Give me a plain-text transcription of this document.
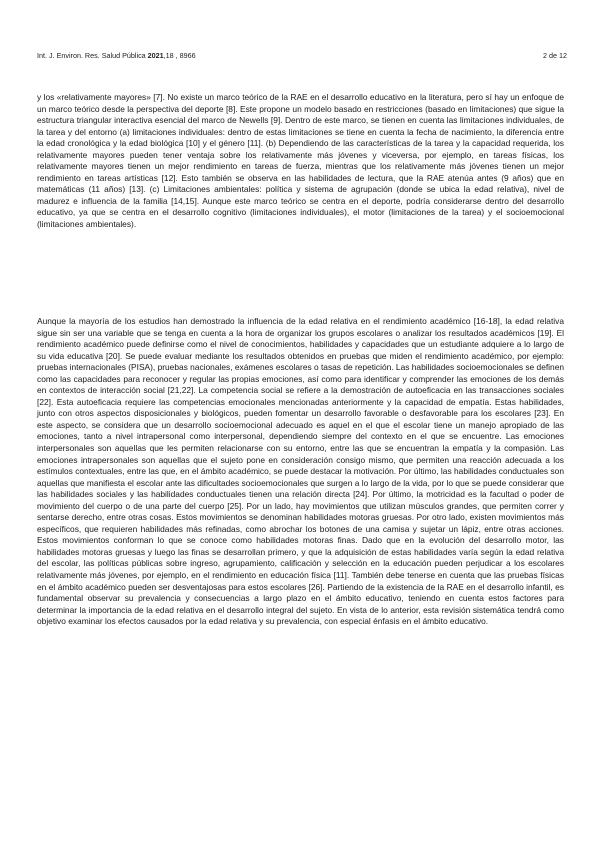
Int. J. Environ. Res. Salud Pública 2021,18 , 8966	2 de 12

y los «relativamente mayores» [7]. No existe un marco teórico de la RAE en el desarrollo educativo en la literatura, pero sí hay un enfoque de un marco teórico desde la perspectiva del deporte [8]. Este propone un modelo basado en restricciones (basado en limitaciones) que sigue la estructura triangular interactiva esencial del marco de Newells [9]. Dentro de este marco, se tienen en cuenta las limitaciones individuales, de la tarea y del entorno (a) limitaciones individuales: dentro de estas limitaciones se tiene en cuenta la fecha de nacimiento, la diferencia entre la edad cronológica y la edad biológica [10] y el género [11]. (b) Dependiendo de las características de la tarea y la capacidad requerida, los relativamente mayores pueden tener ventaja sobre los relativamente más jóvenes y viceversa, por ejemplo, en tareas físicas, los relativamente mayores tienen un mejor rendimiento en tareas de fuerza, mientras que los relativamente más jóvenes tienen un mejor rendimiento en tareas artísticas [12]. Esto también se observa en las habilidades de lectura, que la RAE atenúa antes (9 años) que en matemáticas (11 años) [13]. (c) Limitaciones ambientales: política y sistema de agrupación (donde se ubica la edad relativa), nivel de madurez e influencia de la familia [14,15]. Aunque este marco teórico se centra en el deporte, podría considerarse dentro del desarrollo educativo, ya que se centra en el desarrollo cognitivo (limitaciones individuales), el motor (limitaciones de la tarea) y el socioemocional (limitaciones ambientales).

Aunque la mayoría de los estudios han demostrado la influencia de la edad relativa en el rendimiento académico [16-18], la edad relativa sigue sin ser una variable que se tenga en cuenta a la hora de organizar los grupos escolares o analizar los resultados académicos [19]. El rendimiento académico puede definirse como el nivel de conocimientos, habilidades y capacidades que un estudiante adquiere a lo largo de su vida educativa [20]. Se puede evaluar mediante los resultados obtenidos en pruebas que miden el rendimiento académico, por ejemplo: pruebas internacionales (PISA), pruebas nacionales, exámenes escolares o tasas de repetición. Las habilidades socioemocionales se definen como las capacidades para reconocer y regular las propias emociones, así como para identificar y comprender las emociones de los demás en contextos de interacción social [21,22]. La competencia social se refiere a la demostración de autoeficacia en las transacciones sociales [22]. Esta autoeficacia requiere las competencias emocionales mencionadas anteriormente y la capacidad de empatía. Estas habilidades, junto con otros aspectos disposicionales y biológicos, pueden fomentar un desarrollo favorable o desfavorable para los escolares [23]. En este aspecto, se considera que un desarrollo socioemocional adecuado es aquel en el que el escolar tiene un manejo apropiado de las emociones, tanto a nivel intrapersonal como interpersonal, dependiendo siempre del contexto en el que se encuentre. Las emociones interpersonales son aquellas que les permiten relacionarse con su entorno, entre las que se encuentran la empatía y la compasión. Las emociones intrapersonales son aquellas que el sujeto pone en consideración consigo mismo, que permiten una reacción adecuada a los estímulos contextuales, entre las que, en el ámbito académico, se puede destacar la motivación. Por último, las habilidades conductuales son aquellas que manifiesta el escolar ante las dificultades socioemocionales que surgen a lo largo de la vida, por lo que se puede considerar que las habilidades sociales y las habilidades conductuales tienen una relación directa [24]. Por último, la motricidad es la facultad o poder de movimiento del cuerpo o de una parte del cuerpo [25]. Por un lado, hay movimientos que utilizan músculos grandes, que permiten correr y sentarse derecho, entre otras cosas. Estos movimientos se denominan habilidades motoras gruesas. Por otro lado, existen movimientos más específicos, que requieren habilidades más refinadas, como abrochar los botones de una camisa y sujetar un lápiz, entre otras acciones. Estos movimientos conforman lo que se conoce como habilidades motoras finas. Dado que en la evolución del desarrollo motor, las habilidades motoras gruesas y luego las finas se desarrollan primero, y que la adquisición de estas habilidades varía según la edad relativa del escolar, las políticas públicas sobre ingreso, agrupamiento, calificación y selección en la educación pueden perjudicar a los escolares relativamente más jóvenes, por ejemplo, en el rendimiento en educación física [11]. También debe tenerse en cuenta que las pruebas físicas en el ámbito académico pueden ser desventajosas para estos escolares [26]. Partiendo de la existencia de la RAE en el desarrollo infantil, es fundamental observar su prevalencia y consecuencias a largo plazo en el ámbito educativo, teniendo en cuenta estos factores para determinar la importancia de la edad relativa en el desarrollo integral del sujeto. En vista de lo anterior, esta revisión sistemática tendrá como objetivo examinar los efectos causados por la edad relativa y su prevalencia, con especial énfasis en el ámbito educativo.
